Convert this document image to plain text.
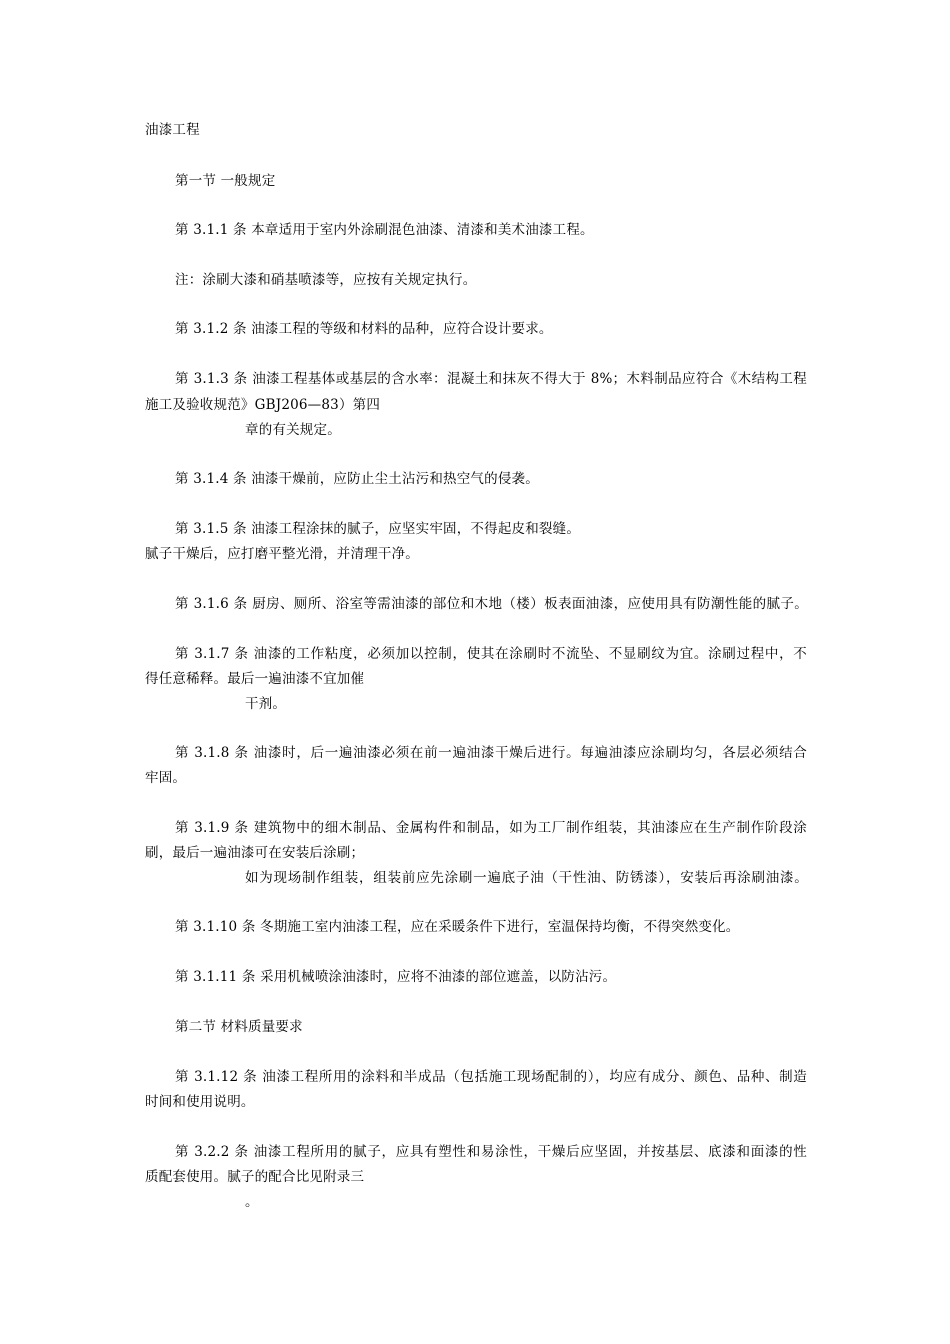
油漆工程
第一节 一般规定
第 3.1.1 条 本章适用于室内外涂刷混色油漆、清漆和美术油漆工程。
注：涂刷大漆和硝基喷漆等，应按有关规定执行。
第 3.1.2 条 油漆工程的等级和材料的品种，应符合设计要求。
第 3.1.3 条 油漆工程基体或基层的含水率：混凝土和抹灰不得大于 8%；木料制品应符合《木结构工程
施工及验收规范》GBJ206—83）第四
章的有关规定。
第 3.1.4 条 油漆干燥前，应防止尘土沾污和热空气的侵袭。
第 3.1.5 条 油漆工程涂抹的腻子，应坚实牢固，不得起皮和裂缝。
腻子干燥后，应打磨平整光滑，并清理干净。
第 3.1.6 条 厨房、厕所、浴室等需油漆的部位和木地（楼）板表面油漆，应使用具有防潮性能的腻子。
第 3.1.7 条 油漆的工作粘度，必须加以控制，使其在涂刷时不流坠、不显刷纹为宜。涂刷过程中，不
得任意稀释。最后一遍油漆不宜加催
干剂。
第 3.1.8 条 油漆时，后一遍油漆必须在前一遍油漆干燥后进行。每遍油漆应涂刷均匀，各层必须结合
牢固。
第 3.1.9 条 建筑物中的细木制品、金属构件和制品，如为工厂制作组装，其油漆应在生产制作阶段涂
刷，最后一遍油漆可在安装后涂刷；
如为现场制作组装，组装前应先涂刷一遍底子油（干性油、防锈漆），安装后再涂刷油漆。
第 3.1.10 条 冬期施工室内油漆工程，应在采暖条件下进行，室温保持均衡，不得突然变化。
第 3.1.11 条 采用机械喷涂油漆时，应将不油漆的部位遮盖，以防沾污。
第二节 材料质量要求
第 3.1.12 条 油漆工程所用的涂料和半成品（包括施工现场配制的），均应有成分、颜色、品种、制造
时间和使用说明。
第 3.2.2 条 油漆工程所用的腻子，应具有塑性和易涂性，干燥后应坚固，并按基层、底漆和面漆的性
质配套使用。腻子的配合比见附录三
。
